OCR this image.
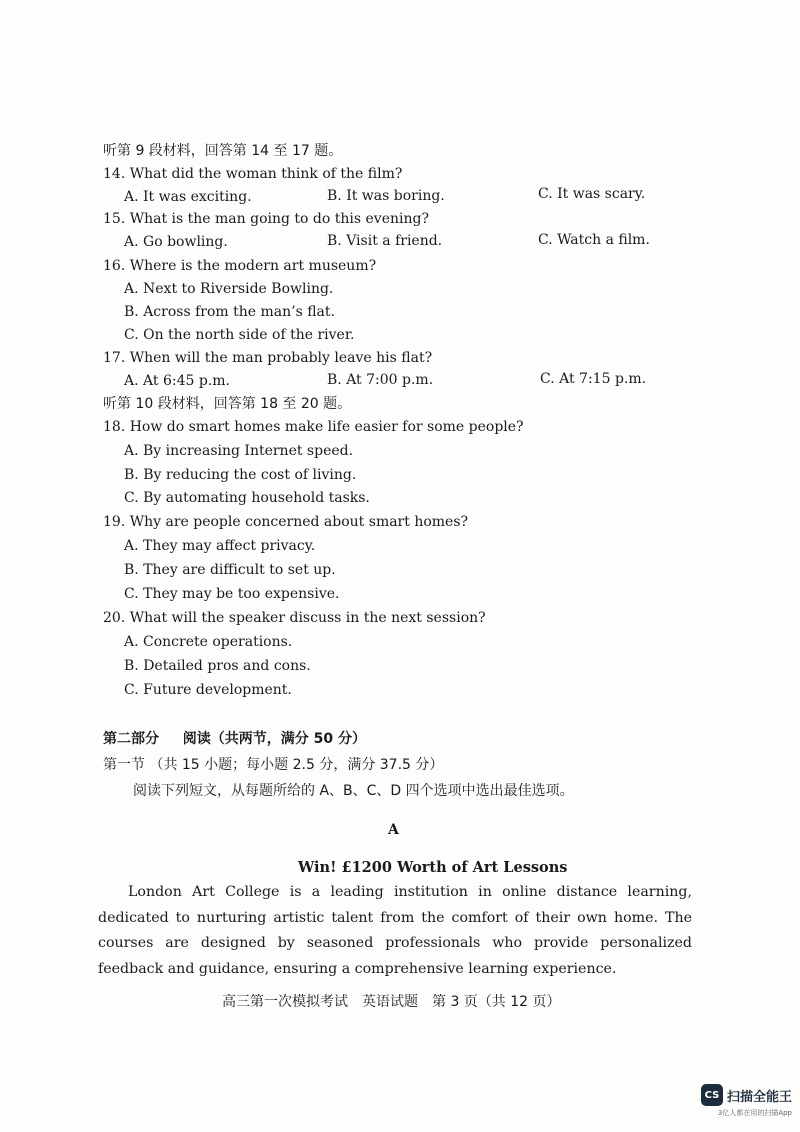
听第 9 段材料，回答第 14 至 17 题。
14. What did the woman think of the film?
A. It was exciting.	B. It was boring.	C. It was scary.
15. What is the man going to do this evening?
A. Go bowling.	B. Visit a friend.	C. Watch a film.
16. Where is the modern art museum?
A. Next to Riverside Bowling.
B. Across from the man’s flat.
C. On the north side of the river.
17. When will the man probably leave his flat?
A. At 6:45 p.m.	B. At 7:00 p.m.	C. At 7:15 p.m.
听第 10 段材料，回答第 18 至 20 题。
18. How do smart homes make life easier for some people?
A. By increasing Internet speed.
B. By reducing the cost of living.
C. By automating household tasks.
19. Why are people concerned about smart homes?
A. They may affect privacy.
B. They are difficult to set up.
C. They may be too expensive.
20. What will the speaker discuss in the next session?
A. Concrete operations.
B. Detailed pros and cons.
C. Future development.
第二部分 阅读（共两节，满分 50 分）
第一节 （共 15 小题；每小题 2.5 分，满分 37.5 分）
阅读下列短文，从每题所给的 A、B、C、D 四个选项中选出最佳选项。
A
Win! £1200 Worth of Art Lessons
London Art College is a leading institution in online distance learning, dedicated to nurturing artistic talent from the comfort of their own home. The courses are designed by seasoned professionals who provide personalized feedback and guidance, ensuring a comprehensive learning experience.
高三第一次模拟考试　英语试题　第 3 页（共 12 页）
CS 扫描全能王
3亿人都在用的扫描App
